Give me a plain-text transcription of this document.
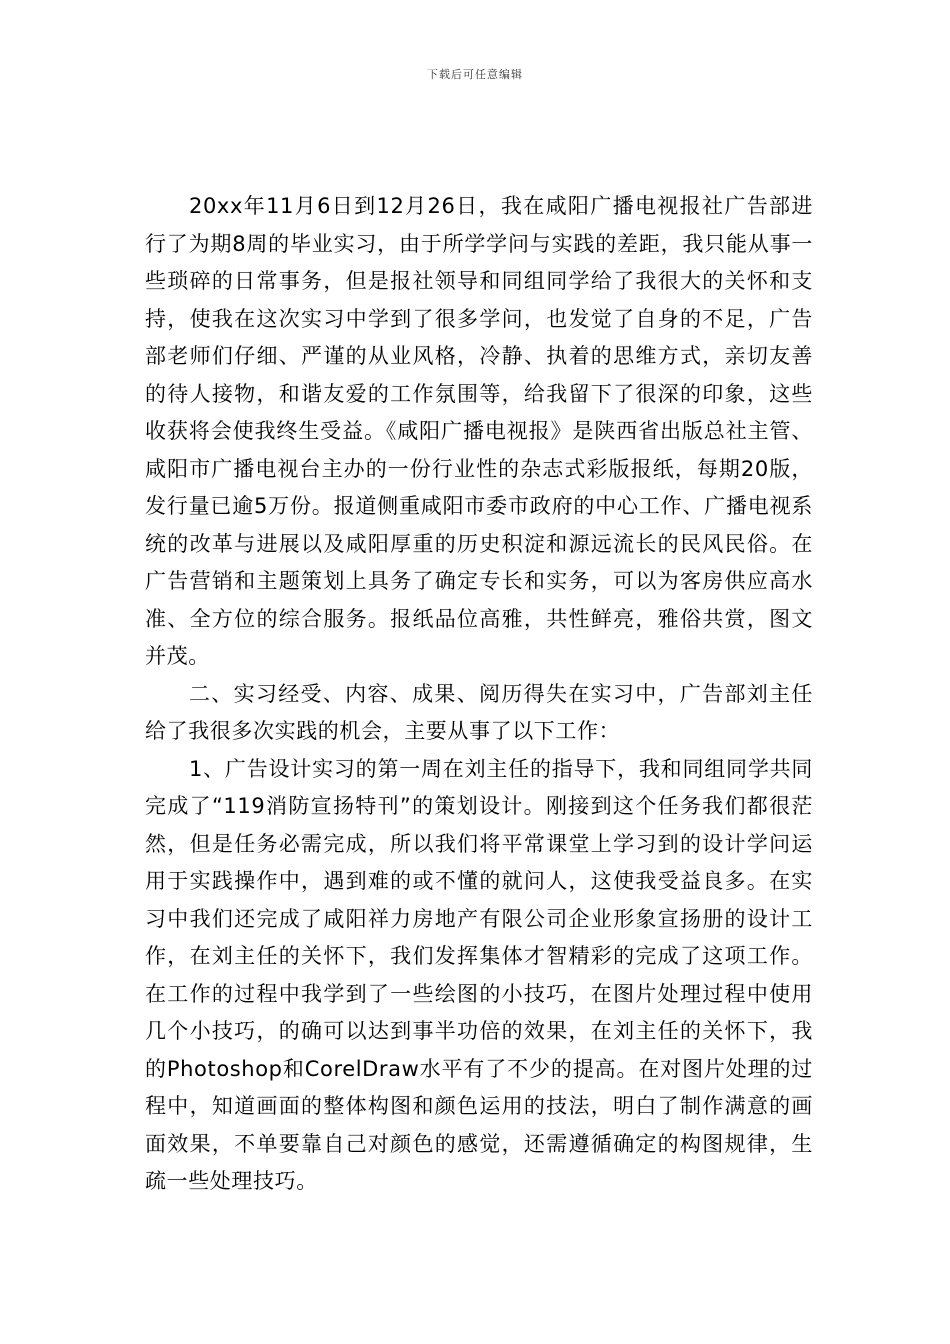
下载后可任意编辑

20xx年11月6日到12月26日，我在咸阳广播电视报社广告部进行了为期8周的毕业实习，由于所学学问与实践的差距，我只能从事一些琐碎的日常事务，但是报社领导和同组同学给了我很大的关怀和支持，使我在这次实习中学到了很多学问，也发觉了自身的不足，广告部老师们仔细、严谨的从业风格，冷静、执着的思维方式，亲切友善的待人接物，和谐友爱的工作氛围等，给我留下了很深的印象，这些收获将会使我终生受益。《咸阳广播电视报》是陕西省出版总社主管、咸阳市广播电视台主办的一份行业性的杂志式彩版报纸，每期20版，发行量已逾5万份。报道侧重咸阳市委市政府的中心工作、广播电视系统的改革与进展以及咸阳厚重的历史积淀和源远流长的民风民俗。在广告营销和主题策划上具务了确定专长和实务，可以为客房供应高水准、全方位的综合服务。报纸品位高雅，共性鲜亮，雅俗共赏，图文并茂。

二、实习经受、内容、成果、阅历得失在实习中，广告部刘主任给了我很多次实践的机会，主要从事了以下工作：

1、广告设计实习的第一周在刘主任的指导下，我和同组同学共同完成了“119消防宣扬特刊”的策划设计。刚接到这个任务我们都很茫然，但是任务必需完成，所以我们将平常课堂上学习到的设计学问运用于实践操作中，遇到难的或不懂的就问人，这使我受益良多。在实习中我们还完成了咸阳祥力房地产有限公司企业形象宣扬册的设计工作，在刘主任的关怀下，我们发挥集体才智精彩的完成了这项工作。在工作的过程中我学到了一些绘图的小技巧，在图片处理过程中使用几个小技巧，的确可以达到事半功倍的效果，在刘主任的关怀下，我的Photoshop和CorelDraw水平有了不少的提高。在对图片处理的过程中，知道画面的整体构图和颜色运用的技法，明白了制作满意的画面效果，不单要靠自己对颜色的感觉，还需遵循确定的构图规律，生疏一些处理技巧。
